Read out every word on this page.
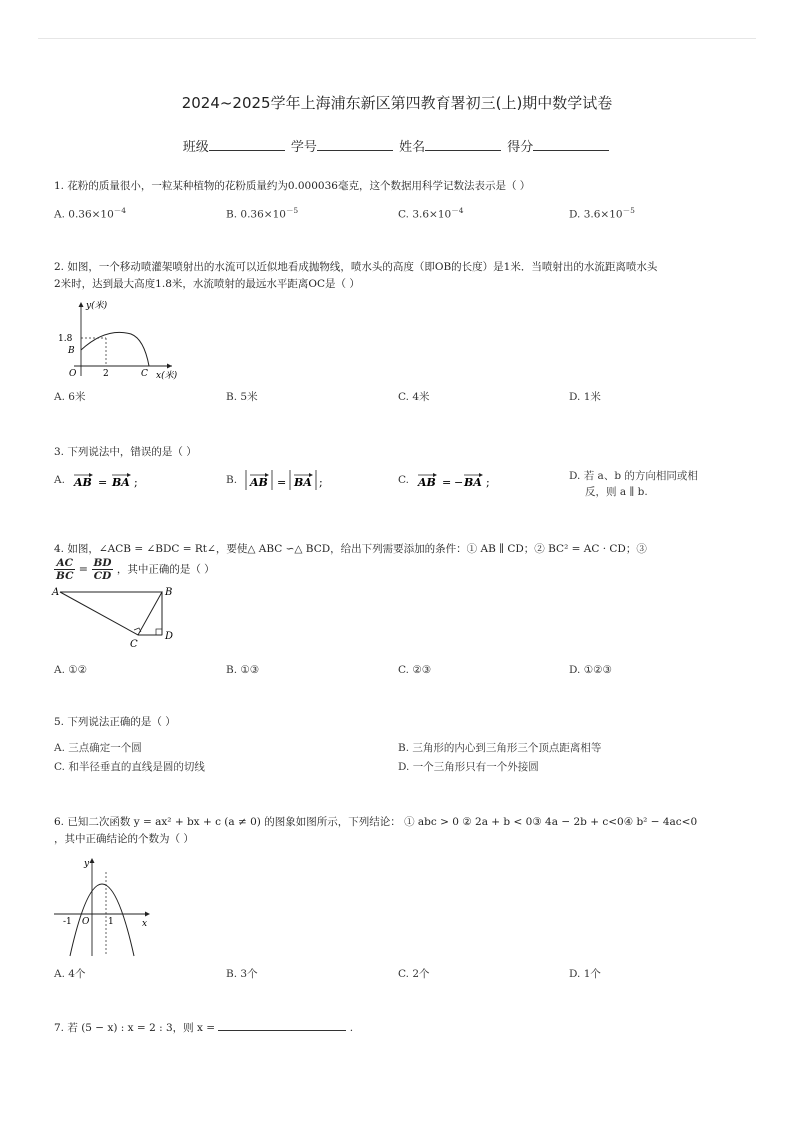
2024~2025学年上海浦东新区第四教育署初三(上)期中数学试卷
班级	学号	姓名	得分
1. 花粉的质量很小，一粒某种植物的花粉质量约为0.000036毫克，这个数据用科学记数法表示是（ ）
A. $0.36\times 10^{-4}$	B. $0.36\times 10^{-5}$	C. $3.6\times 10^{-4}$	D. $3.6\times 10^{-5}$
2. 如图，一个移动喷灌架喷射出的水流可以近似地看成抛物线，喷水头的高度（即OB的长度）是1米．当喷射出的水流距离喷水头
2米时，达到最大高度1.8米，水流喷射的最远水平距离OC是（ ）
y(米)
1.8
B
O	2	C x(米)
A. 6米	B. 5米	C. 4米	D. 1米
3. 下列说法中，错误的是（ ）
A. AB = BA ;	B. AB = BA ;	C. AB = − BA ;	D. 若 a、b 的方向相同或相
反，则 a ∥ b.
4. 如图，∠ACB = ∠BDC = Rt∠，要使△ ABC ∽△ BCD，给出下列需要添加的条件：① AB ∥ CD；② BC² = AC · CD；③
$\frac{AC}{BC} = \frac{BD}{CD}$ ，其中正确的是（ ）
A	B
C
D
A. ①②	B. ①③	C. ②③	D. ①②③
5. 下列说法正确的是（ ）
A. 三点确定一个圆	B. 三角形的内心到三角形三个顶点距离相等
C. 和半径垂直的直线是圆的切线	D. 一个三角形只有一个外接圆
6. 已知二次函数 y = ax² + bx + c (a ≠ 0) 的图象如图所示，下列结论： ① abc > 0 ② 2a + b < 0③ 4a − 2b + c<0④ b² − 4ac<0
，其中正确结论的个数为（ ）
y
x
-1 O 1
A. 4个	B. 3个	C. 2个	D. 1个
7. 若 (5 − x) : x = 2 : 3，则 x =	.
